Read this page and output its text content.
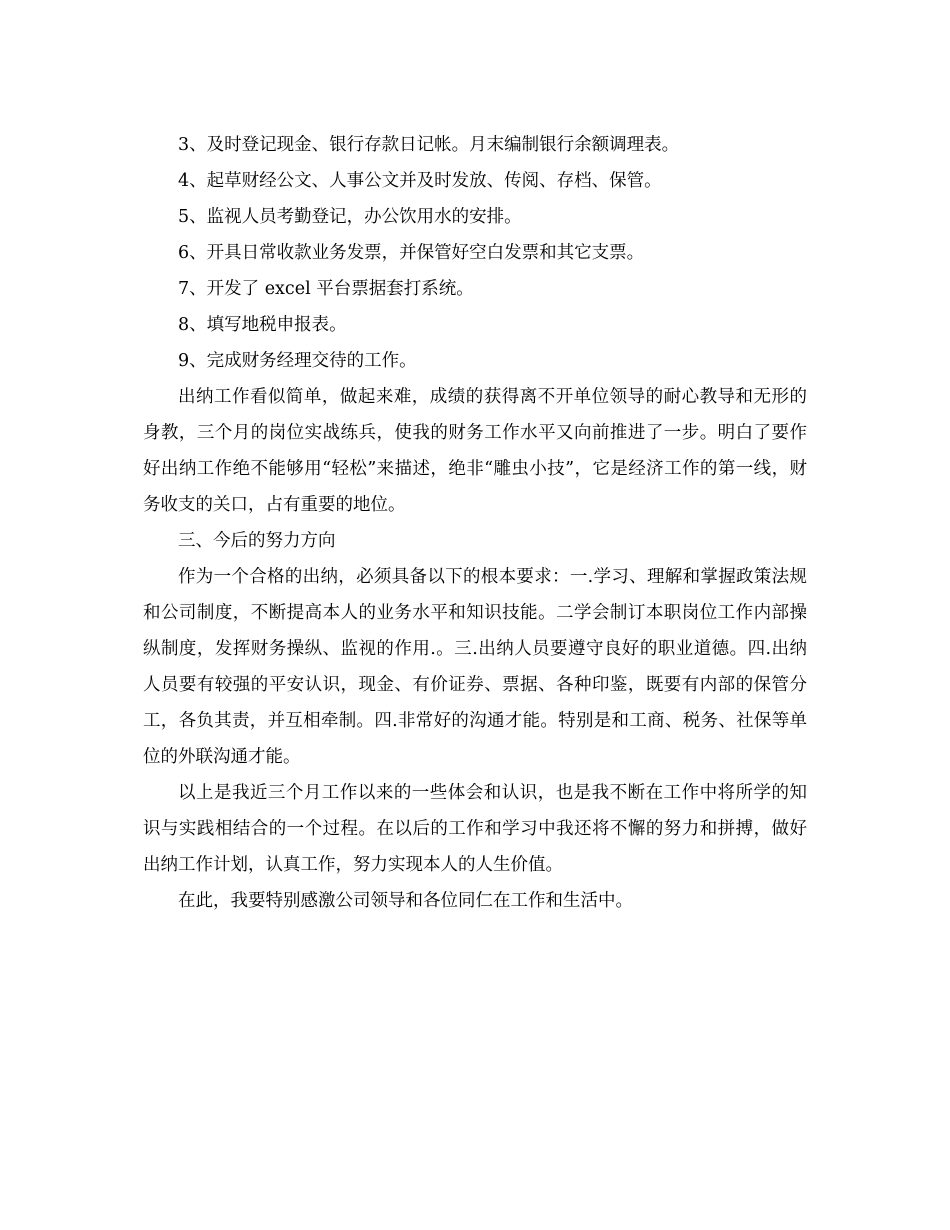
3、及时登记现金、银行存款日记帐。月末编制银行余额调理表。

4、起草财经公文、人事公文并及时发放、传阅、存档、保管。

5、监视人员考勤登记，办公饮用水的安排。

6、开具日常收款业务发票，并保管好空白发票和其它支票。

7、开发了 excel 平台票据套打系统。

8、填写地税申报表。

9、完成财务经理交待的工作。

出纳工作看似简单，做起来难，成绩的获得离不开单位领导的耐心教导和无形的身教，三个月的岗位实战练兵，使我的财务工作水平又向前推进了一步。明白了要作好出纳工作绝不能够用“轻松”来描述，绝非“雕虫小技”，它是经济工作的第一线，财务收支的关口，占有重要的地位。

三、今后的努力方向

作为一个合格的出纳，必须具备以下的根本要求：一.学习、理解和掌握政策法规和公司制度，不断提高本人的业务水平和知识技能。二学会制订本职岗位工作内部操纵制度，发挥财务操纵、监视的作用.。三.出纳人员要遵守良好的职业道德。四.出纳人员要有较强的平安认识，现金、有价证券、票据、各种印鉴，既要有内部的保管分工，各负其责，并互相牵制。四.非常好的沟通才能。特别是和工商、税务、社保等单位的外联沟通才能。

以上是我近三个月工作以来的一些体会和认识，也是我不断在工作中将所学的知识与实践相结合的一个过程。在以后的工作和学习中我还将不懈的努力和拼搏，做好出纳工作计划，认真工作，努力实现本人的人生价值。

在此，我要特别感激公司领导和各位同仁在工作和生活中。
